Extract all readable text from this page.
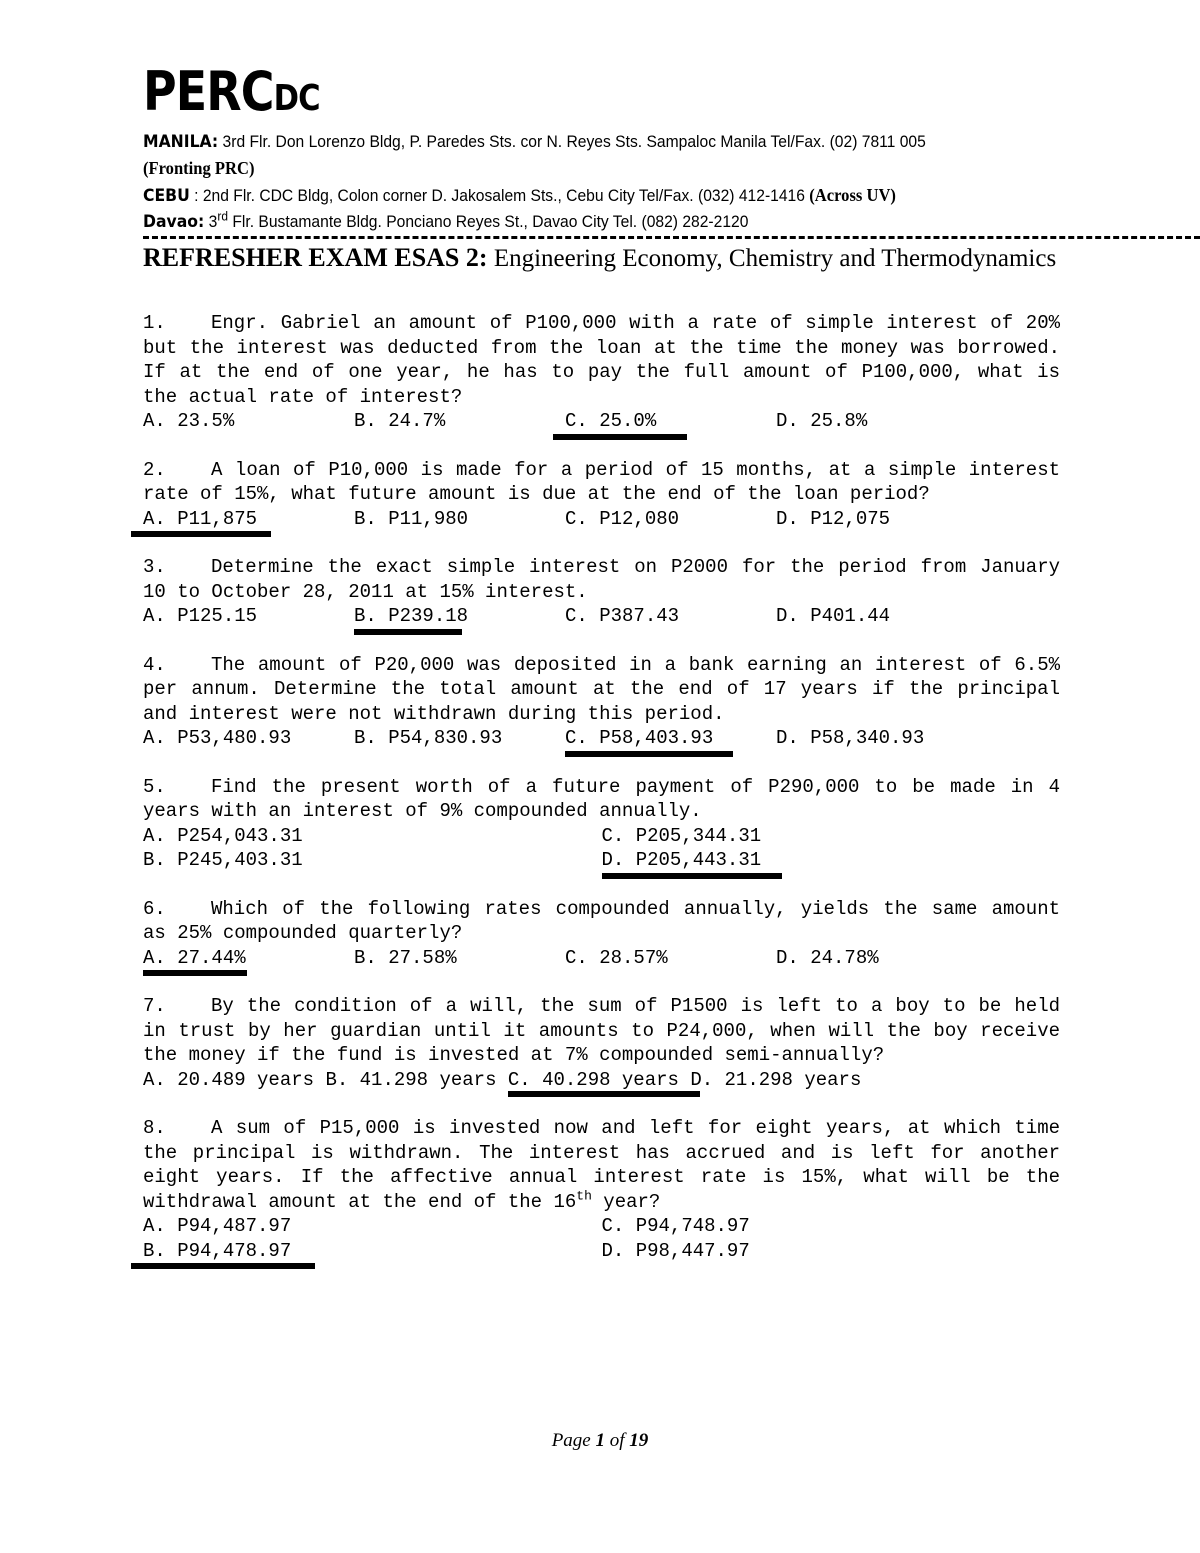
PERCDC
MANILA: 3rd Flr. Don Lorenzo Bldg, P. Paredes Sts. cor N. Reyes Sts. Sampaloc Manila Tel/Fax. (02) 7811 005
(Fronting PRC)
CEBU : 2nd Flr. CDC Bldg, Colon corner D. Jakosalem Sts., Cebu City Tel/Fax. (032) 412-1416 (Across UV)
Davao: 3rd Flr. Bustamante Bldg. Ponciano Reyes St., Davao City Tel. (082) 282-2120
REFRESHER EXAM ESAS 2: Engineering Economy, Chemistry and Thermodynamics
1. Engr. Gabriel an amount of P100,000 with a rate of simple interest of 20% but the interest was deducted from the loan at the time the money was borrowed. If at the end of one year, he has to pay the full amount of P100,000, what is the actual rate of interest?
A. 23.5%	B. 24.7%	C. 25.0%	D. 25.8%
2. A loan of P10,000 is made for a period of 15 months, at a simple interest rate of 15%, what future amount is due at the end of the loan period?
A. P11,875	B. P11,980	C. P12,080	D. P12,075
3. Determine the exact simple interest on P2000 for the period from January 10 to October 28, 2011 at 15% interest.
A. P125.15	B. P239.18	C. P387.43	D. P401.44
4. The amount of P20,000 was deposited in a bank earning an interest of 6.5% per annum. Determine the total amount at the end of 17 years if the principal and interest were not withdrawn during this period.
A. P53,480.93	B. P54,830.93	C. P58,403.93	D. P58,340.93
5. Find the present worth of a future payment of P290,000 to be made in 4 years with an interest of 9% compounded annually.
A. P254,043.31	C. P205,344.31
B. P245,403.31	D. P205,443.31
6. Which of the following rates compounded annually, yields the same amount as 25% compounded quarterly?
A. 27.44%	B. 27.58%	C. 28.57%	D. 24.78%
7. By the condition of a will, the sum of P1500 is left to a boy to be held in trust by her guardian until it amounts to P24,000, when will the boy receive the money if the fund is invested at 7% compounded semi-annually?
A. 20.489 years B. 41.298 years C. 40.298 years D. 21.298 years
8. A sum of P15,000 is invested now and left for eight years, at which time the principal is withdrawn. The interest has accrued and is left for another eight years. If the affective annual interest rate is 15%, what will be the withdrawal amount at the end of the 16th year?
A. P94,487.97	C. P94,748.97
B. P94,478.97	D. P98,447.97
Page 1 of 19
